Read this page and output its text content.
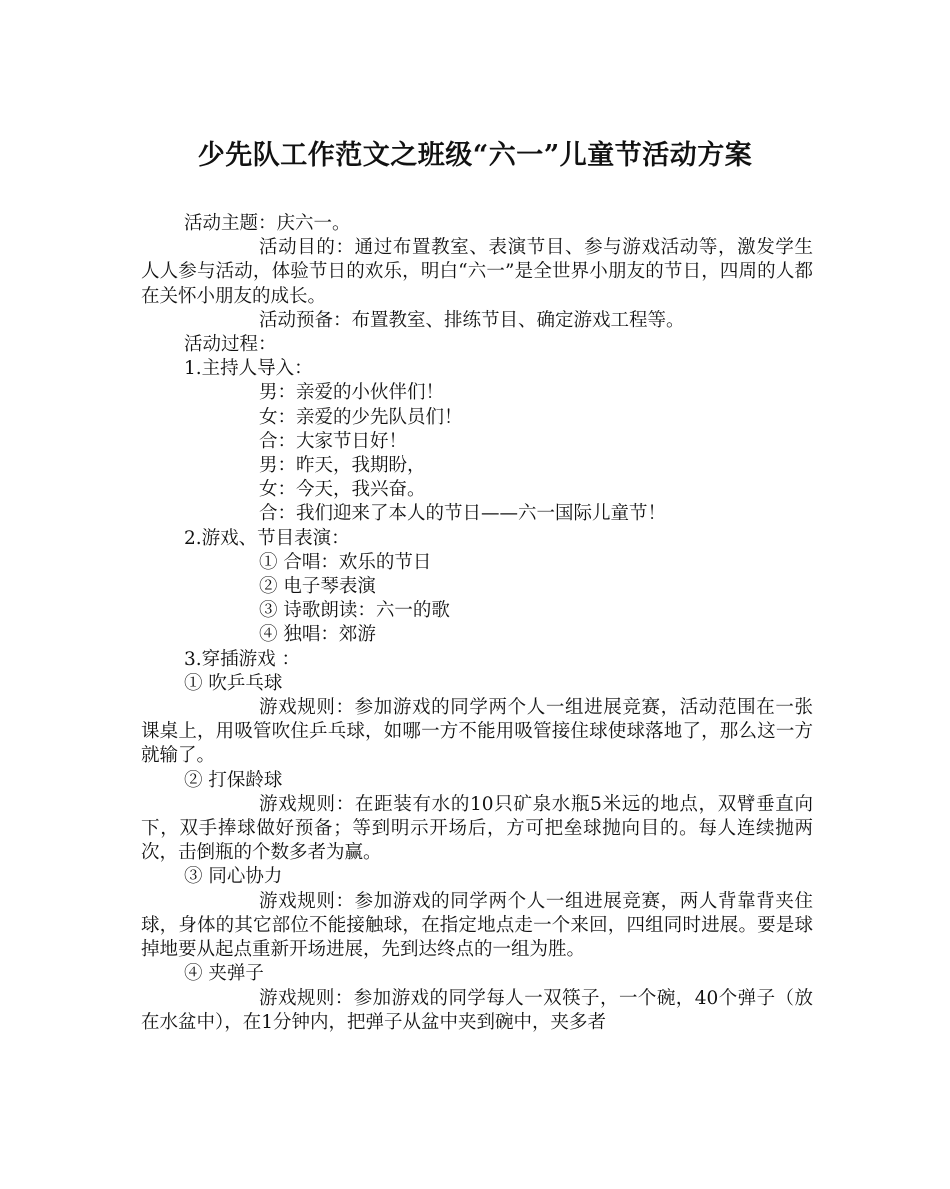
少先队工作范文之班级“六一”儿童节活动方案

活动主题：庆六一。

活动目的：通过布置教室、表演节目、参与游戏活动等，激发学生人人参与活动，体验节日的欢乐，明白“六一”是全世界小朋友的节日，四周的人都在关怀小朋友的成长。

活动预备：布置教室、排练节目、确定游戏工程等。

活动过程：

1.主持人导入：

男：亲爱的小伙伴们！

女：亲爱的少先队员们！

合：大家节日好！

男：昨天，我期盼，

女：今天，我兴奋。

合：我们迎来了本人的节日——六一国际儿童节！

2.游戏、节目表演：

① 合唱：欢乐的节日

② 电子琴表演

③ 诗歌朗读：六一的歌

④ 独唱：郊游

3.穿插游戏 ：

① 吹乒乓球

游戏规则：参加游戏的同学两个人一组进展竞赛，活动范围在一张课桌上，用吸管吹住乒乓球，如哪一方不能用吸管接住球使球落地了，那么这一方就输了。

② 打保龄球

游戏规则：在距装有水的10只矿泉水瓶5米远的地点，双臂垂直向下，双手捧球做好预备；等到明示开场后，方可把垒球抛向目的。每人连续抛两次，击倒瓶的个数多者为赢。

③ 同心协力

游戏规则：参加游戏的同学两个人一组进展竞赛，两人背靠背夹住球，身体的其它部位不能接触球，在指定地点走一个来回，四组同时进展。要是球掉地要从起点重新开场进展，先到达终点的一组为胜。

④ 夹弹子

游戏规则：参加游戏的同学每人一双筷子，一个碗，40个弹子（放在水盆中），在1分钟内，把弹子从盆中夹到碗中，夹多者
